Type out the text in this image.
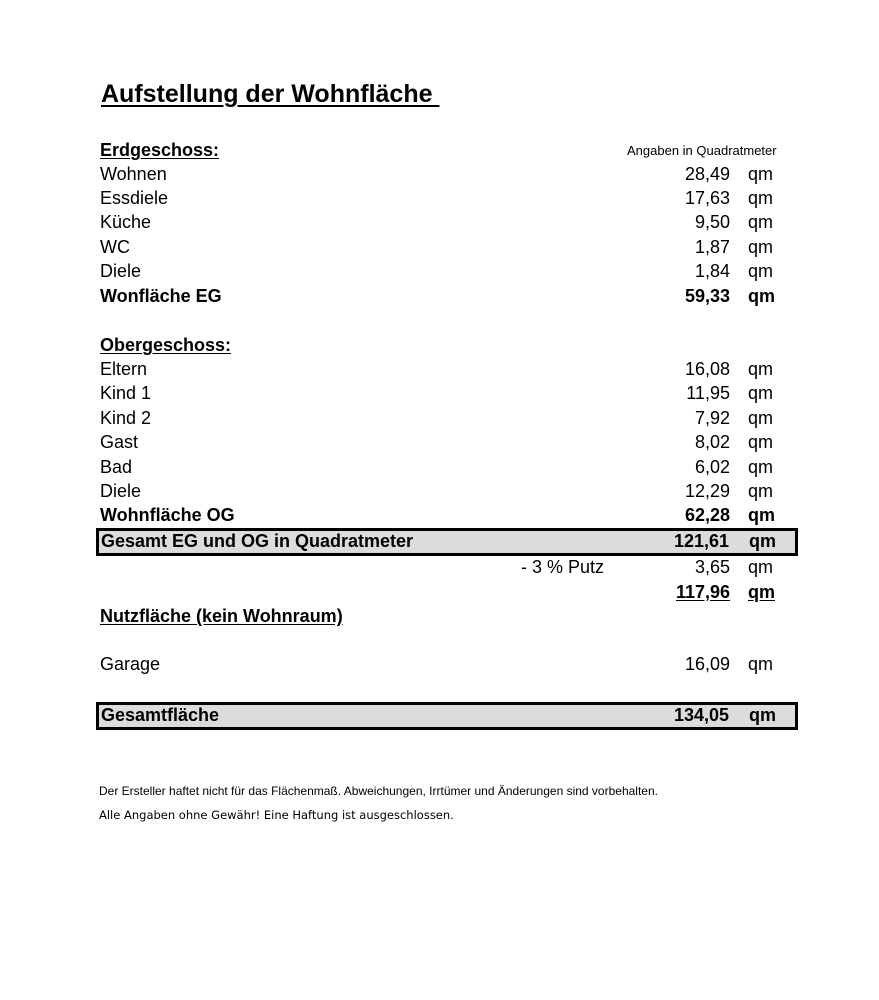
Aufstellung der Wohnfläche
Erdgeschoss:	Angaben in Quadratmeter
Wohnen	28,49 qm
Essdiele	17,63 qm
Küche	9,50 qm
WC	1,87 qm
Diele	1,84 qm
Wonfläche EG	59,33 qm
Obergeschoss:
Eltern	16,08 qm
Kind 1	11,95 qm
Kind 2	7,92 qm
Gast	8,02 qm
Bad	6,02 qm
Diele	12,29 qm
Wohnfläche OG	62,28 qm
Gesamt EG und OG in Quadratmeter	121,61 qm
- 3 % Putz	3,65 qm
117,96 qm
Nutzfläche (kein Wohnraum)
Garage	16,09 qm
Gesamtfläche	134,05 qm

Der Ersteller haftet nicht für das Flächenmaß. Abweichungen, Irrtümer und Änderungen sind vorbehalten.

Alle Angaben ohne Gewähr! Eine Haftung ist ausgeschlossen.
